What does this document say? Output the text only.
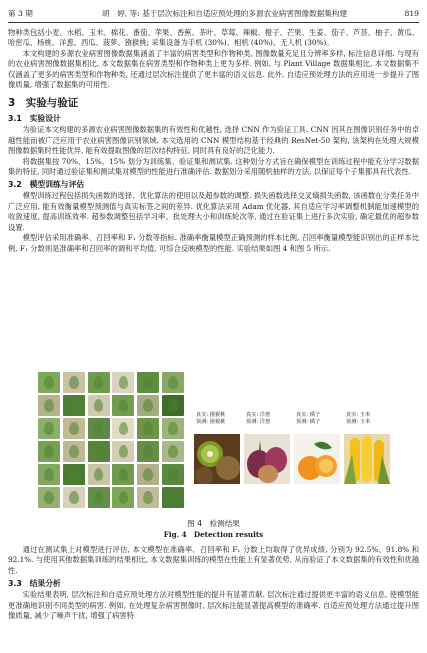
第 3 期	胡　婷, 等: 基于层次标注和自适应预处理的多源农业病害图像数据集构建	819

物种类包括小麦、水稻、玉米、棉花、番茄、苹果、香蕉、茶叶、草莓、辣椒、橙子、芒果、生姜、茄子、芦荟、柚子、黄瓜、哈密瓜、杨桃、洋葱、西瓜、菠萝、猕猴桃; 采集设备为手机 (30%)、相机 (40%)、无人机 (30%)。

本文构建的多源农业病害图像数据集涵盖了丰富的病害类型和作物种类, 图像数量充足且分辨率多样, 标注信息详细. 与现有的农业病害图像数据集相比, 本文数据集在病害类型和作物种类上更为多样. 例如, 与 Plant Village 数据集相比, 本文数据集不仅涵盖了更多的病害类型和作物种类, 还通过层次标注提供了更丰富的语义信息. 此外, 自适应预处理方法的应用进一步提升了图像质量, 增强了数据集的可用性.

3　实验与验证
3.1　实验设计

为验证本文构建的多源农业病害图像数据集的有效性和优越性, 选择 CNN 作为验证工具. CNN 因其在图像识别任务中的卓越性能而被广泛应用于农业病害图像识别领域. 本文选用的 CNN 模型结构基于经典的 ResNet-50 架构, 该架构在处理大规模图像数据集时性能优异, 能有效提取图像的层次结构特征, 同时具有良好的泛化能力.

将数据集按 70%、15%、15% 划分为训练集、验证集和测试集. 这种划分方式旨在确保模型在训练过程中能充分学习数据集的特征, 同时通过验证集和测试集对模型的性能进行准确评估. 数据划分采用随机抽样的方法, 以保证每个子集都具有代表性.

3.2　模型训练与评估

模型训练过程包括损失函数的选择、优化算法的使用以及超参数的调整. 损失函数选择交叉熵损失函数, 该函数在分类任务中广泛应用, 能有效衡量模型预测值与真实标签之间的差异. 优化算法采用 Adam 优化器, 其自适应学习率调整机制能加速模型的收敛速度, 提高训练效率. 超参数调整包括学习率、批处理大小和训练轮次等, 通过在验证集上进行多次实验, 确定最优的超参数设置.

模型评估采用准确率、召回率和 F₁ 分数等指标. 准确率衡量模型正确预测的样本比例, 召回率衡量模型能识别出的正样本比例, F₁ 分数则是准确率和召回率的调和平均值, 可综合反映模型的性能. 实验结果如图 4 和图 5 所示.

真实: 猕猴桃
预测: 猕猴桃
真实: 洋葱
预测: 洋葱
真实: 橘子
预测: 橘子
真实: 玉米
预测: 玉米
图 4　检测结果
Fig. 4　Detection results

通过在测试集上对模型进行评估, 本文模型在准确率、召回率和 F₁ 分数上均取得了优异成绩, 分别为 92.5%、91.8% 和 92.1%. 与使用其他数据集训练的结果相比, 本文数据集训练的模型在性能上有显著优势, 从而验证了本文数据集的有效性和优越性.

3.3　结果分析

实验结果表明, 层次标注和自适应预处理方法对模型性能的提升有显著贡献. 层次标注通过提供更丰富的语义信息, 使模型能更准确地识别不同类型的病害. 例如, 在处理复杂病害图像时, 层次标注能显著提高模型的准确率. 自适应预处理方法通过提升图像质量, 减少了噪声干扰, 增强了病害特
